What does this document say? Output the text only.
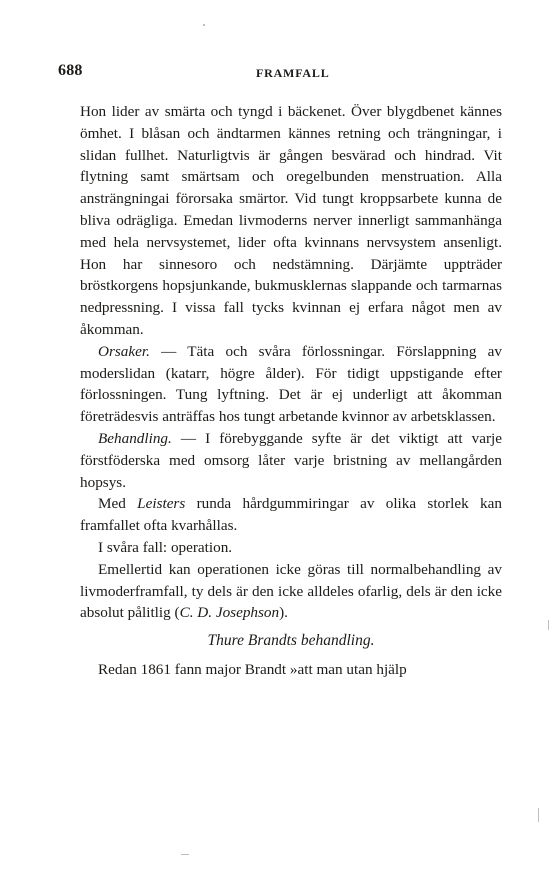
688	FRAMFALL

Hon lider av smärta och tyngd i bäckenet. Över blygdbenet kännes ömhet. I blåsan och ändtarmen kännes retning och trängningar, i slidan fullhet. Naturligtvis är gången besvärad och hindrad. Vit flytning samt smärtsam och oregelbunden menstruation. Alla ansträngningai förorsaka smärtor. Vid tungt kroppsarbete kunna de bliva odrägliga. Emedan livmoderns nerver innerligt sammanhänga med hela nervsystemet, lider ofta kvinnans nervsystem ansenligt. Hon har sinnesoro och nedstämning. Därjämte uppträder bröstkorgens hopsjunkande, bukmusklernas slappande och tarmarnas nedpressning. I vissa fall tycks kvinnan ej erfara något men av åkomman.

Orsaker. — Täta och svåra förlossningar. Förslappning av moderslidan (katarr, högre ålder). För tidigt uppstigande efter förlossningen. Tung lyftning. Det är ej underligt att åkomman företrädesvis anträffas hos tungt arbetande kvinnor av arbetsklassen.

Behandling. — I förebyggande syfte är det viktigt att varje förstföderska med omsorg låter varje bristning av mellangården hopsys.

Med Leisters runda hårdgummiringar av olika storlek kan framfallet ofta kvarhållas.

I svåra fall: operation.

Emellertid kan operationen icke göras till normalbehandling av livmoderframfall, ty dels är den icke alldeles ofarlig, dels är den icke absolut pålitlig (C. D. Josephson).

Thure Brandts behandling.

Redan 1861 fann major Brandt »att man utan hjälp
